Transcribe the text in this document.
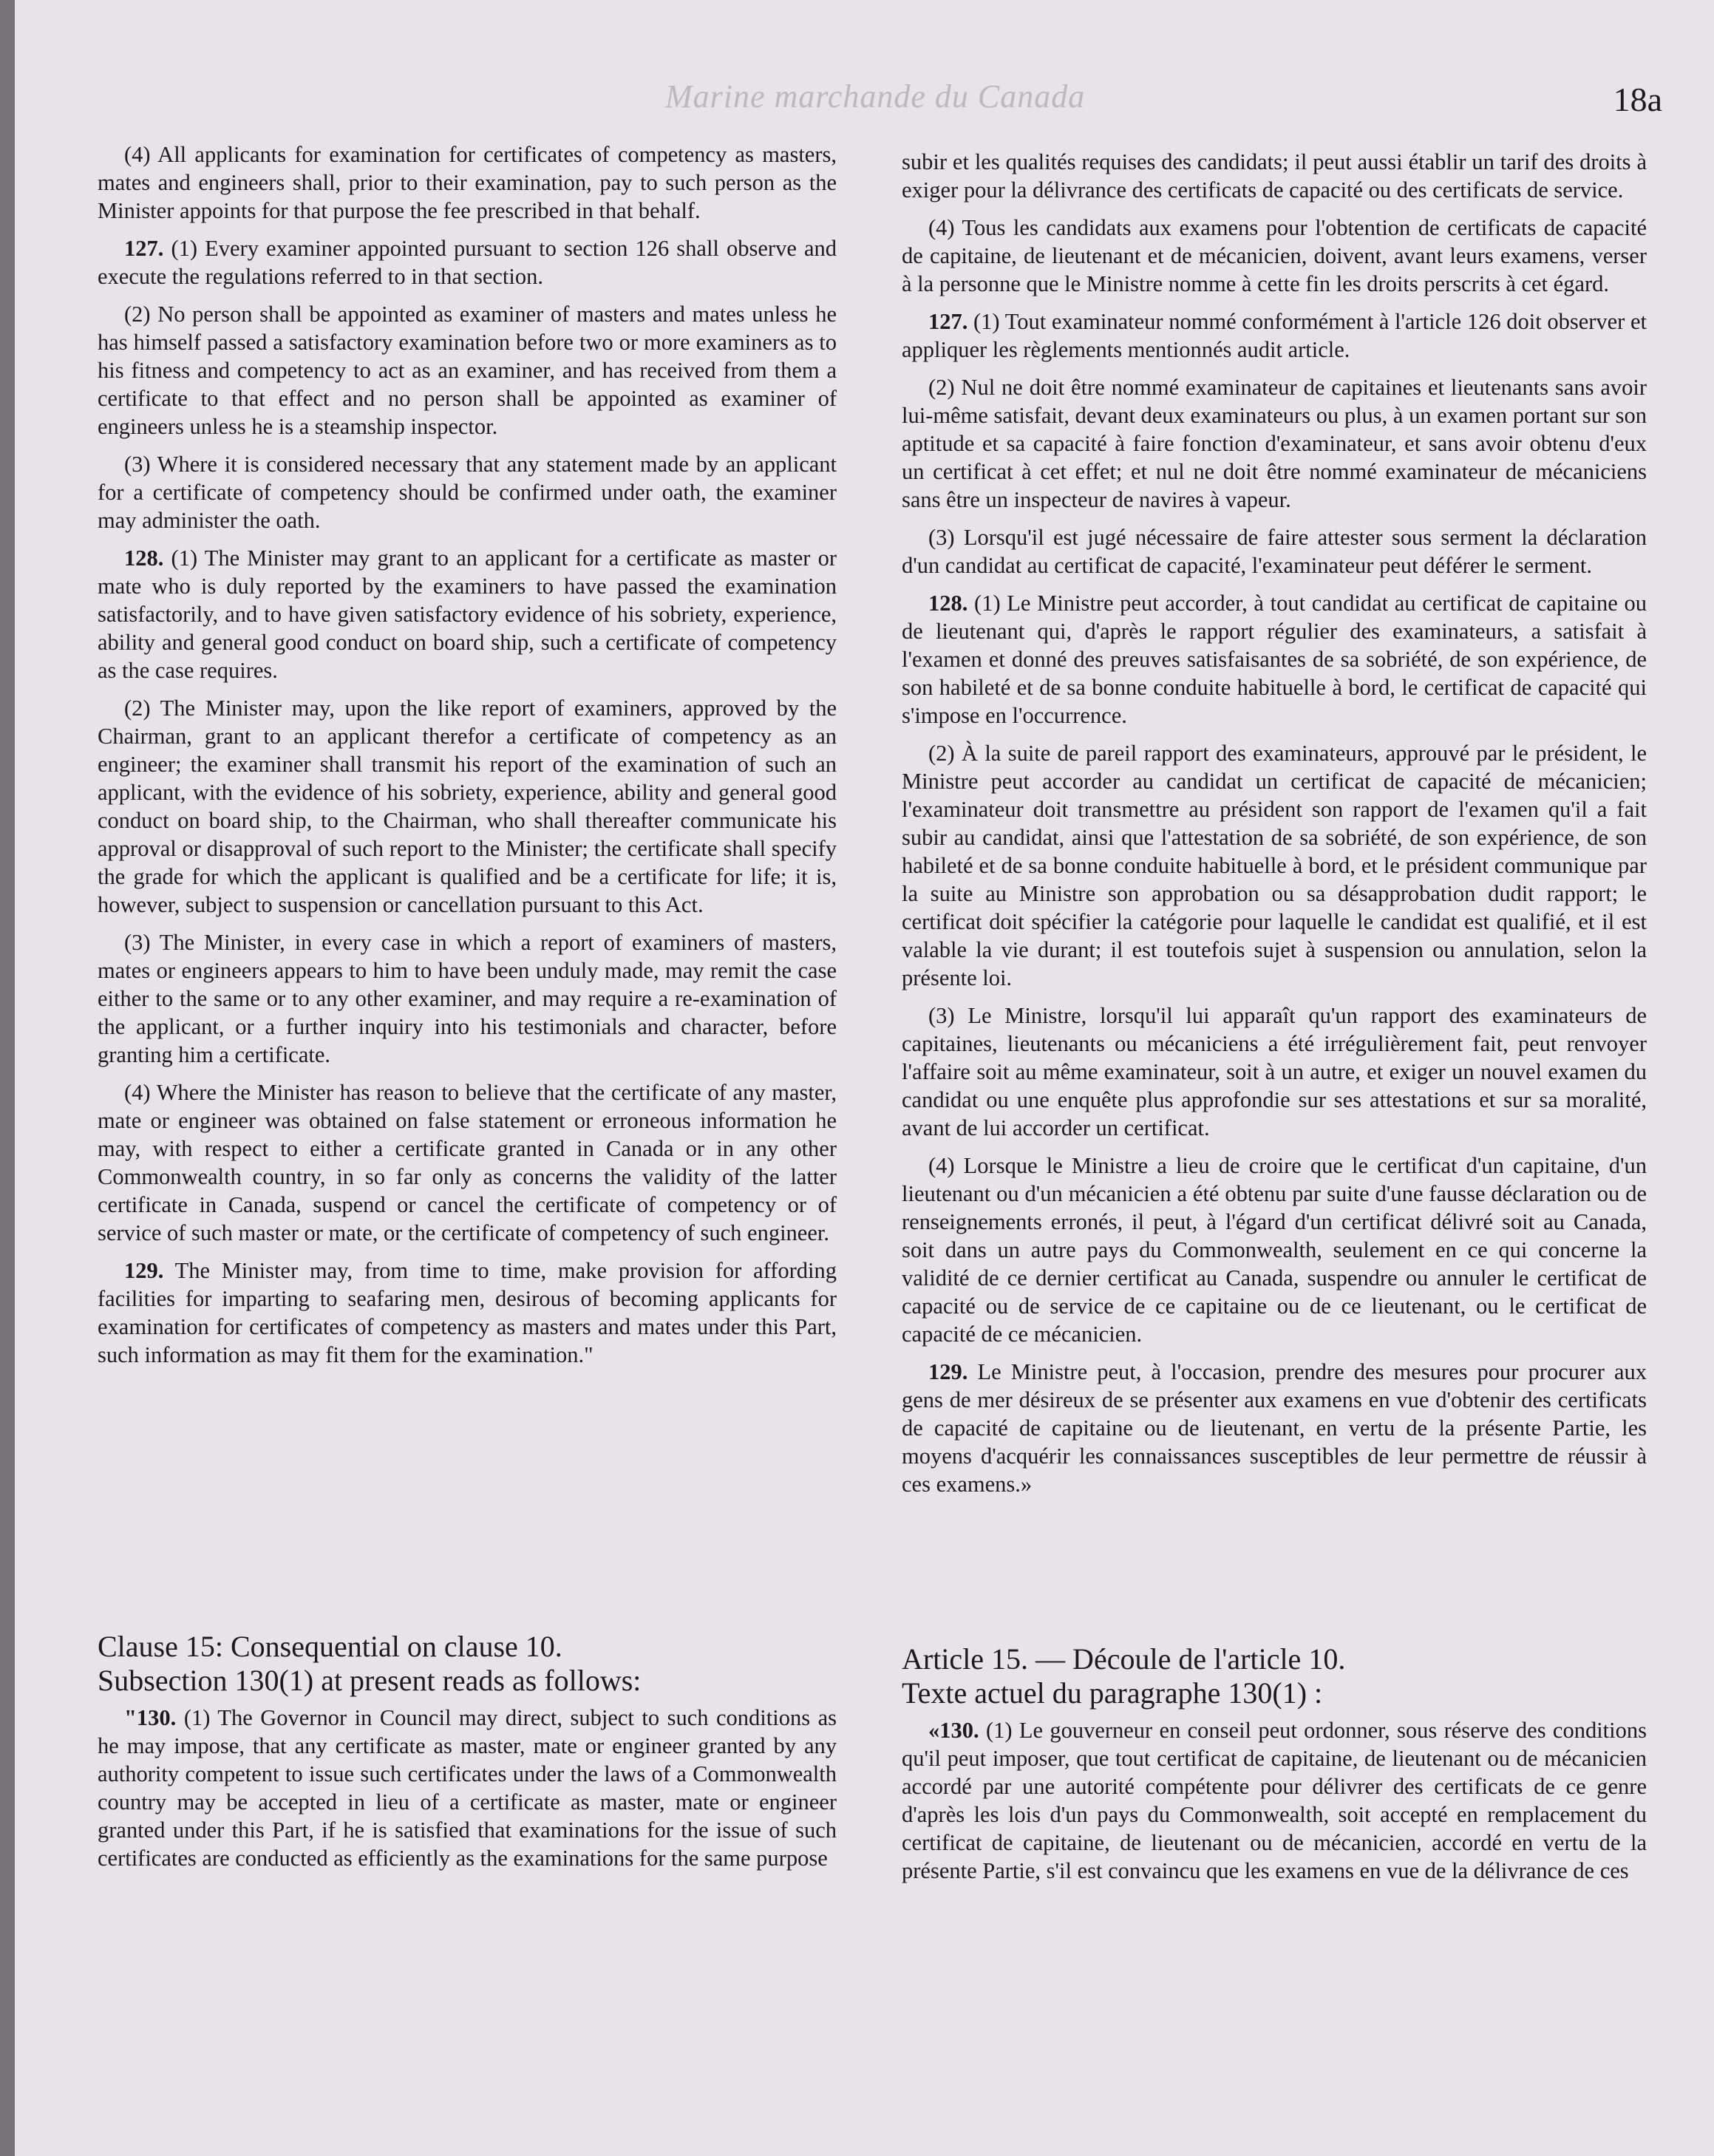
Marine marchande du Canada	18a

(4) All applicants for examination for certificates of competency as masters, mates and engineers shall, prior to their examination, pay to such person as the Minister appoints for that purpose the fee prescribed in that behalf.

127. (1) Every examiner appointed pursuant to section 126 shall observe and execute the regulations referred to in that section.

(2) No person shall be appointed as examiner of masters and mates unless he has himself passed a satisfactory examination before two or more examiners as to his fitness and competency to act as an examiner, and has received from them a certificate to that effect and no person shall be appointed as examiner of engineers unless he is a steamship inspector.

(3) Where it is considered necessary that any statement made by an applicant for a certificate of competency should be confirmed under oath, the examiner may administer the oath.

128. (1) The Minister may grant to an applicant for a certificate as master or mate who is duly reported by the examiners to have passed the examination satisfactorily, and to have given satisfactory evidence of his sobriety, experience, ability and general good conduct on board ship, such a certificate of competency as the case requires.

(2) The Minister may, upon the like report of examiners, approved by the Chairman, grant to an applicant therefor a certificate of competency as an engineer; the examiner shall transmit his report of the examination of such an applicant, with the evidence of his sobriety, experience, ability and general good conduct on board ship, to the Chairman, who shall thereafter communicate his approval or disapproval of such report to the Minister; the certificate shall specify the grade for which the applicant is qualified and be a certificate for life; it is, however, subject to suspension or cancellation pursuant to this Act.

(3) The Minister, in every case in which a report of examiners of masters, mates or engineers appears to him to have been unduly made, may remit the case either to the same or to any other examiner, and may require a re-examination of the applicant, or a further inquiry into his testimonials and character, before granting him a certificate.

(4) Where the Minister has reason to believe that the certificate of any master, mate or engineer was obtained on false statement or erroneous information he may, with respect to either a certificate granted in Canada or in any other Commonwealth country, in so far only as concerns the validity of the latter certificate in Canada, suspend or cancel the certificate of competency or of service of such master or mate, or the certificate of competency of such engineer.

129. The Minister may, from time to time, make provision for affording facilities for imparting to seafaring men, desirous of becoming applicants for examination for certificates of competency as masters and mates under this Part, such information as may fit them for the examination."

subir et les qualités requises des candidats; il peut aussi établir un tarif des droits à exiger pour la délivrance des certificats de capacité ou des certificats de service.

(4) Tous les candidats aux examens pour l'obtention de certificats de capacité de capitaine, de lieutenant et de mécanicien, doivent, avant leurs examens, verser à la personne que le Ministre nomme à cette fin les droits perscrits à cet égard.

127. (1) Tout examinateur nommé conformément à l'article 126 doit observer et appliquer les règlements mentionnés audit article.

(2) Nul ne doit être nommé examinateur de capitaines et lieutenants sans avoir lui-même satisfait, devant deux examinateurs ou plus, à un examen portant sur son aptitude et sa capacité à faire fonction d'examinateur, et sans avoir obtenu d'eux un certificat à cet effet; et nul ne doit être nommé examinateur de mécaniciens sans être un inspecteur de navires à vapeur.

(3) Lorsqu'il est jugé nécessaire de faire attester sous serment la déclaration d'un candidat au certificat de capacité, l'examinateur peut déférer le serment.

128. (1) Le Ministre peut accorder, à tout candidat au certificat de capitaine ou de lieutenant qui, d'après le rapport régulier des examinateurs, a satisfait à l'examen et donné des preuves satisfaisantes de sa sobriété, de son expérience, de son habileté et de sa bonne conduite habituelle à bord, le certificat de capacité qui s'impose en l'occurrence.

(2) À la suite de pareil rapport des examinateurs, approuvé par le président, le Ministre peut accorder au candidat un certificat de capacité de mécanicien; l'examinateur doit transmettre au président son rapport de l'examen qu'il a fait subir au candidat, ainsi que l'attestation de sa sobriété, de son expérience, de son habileté et de sa bonne conduite habituelle à bord, et le président communique par la suite au Ministre son approbation ou sa désapprobation dudit rapport; le certificat doit spécifier la catégorie pour laquelle le candidat est qualifié, et il est valable la vie durant; il est toutefois sujet à suspension ou annulation, selon la présente loi.

(3) Le Ministre, lorsqu'il lui apparaît qu'un rapport des examinateurs de capitaines, lieutenants ou mécaniciens a été irrégulièrement fait, peut renvoyer l'affaire soit au même examinateur, soit à un autre, et exiger un nouvel examen du candidat ou une enquête plus approfondie sur ses attestations et sur sa moralité, avant de lui accorder un certificat.

(4) Lorsque le Ministre a lieu de croire que le certificat d'un capitaine, d'un lieutenant ou d'un mécanicien a été obtenu par suite d'une fausse déclaration ou de renseignements erronés, il peut, à l'égard d'un certificat délivré soit au Canada, soit dans un autre pays du Commonwealth, seulement en ce qui concerne la validité de ce dernier certificat au Canada, suspendre ou annuler le certificat de capacité ou de service de ce capitaine ou de ce lieutenant, ou le certificat de capacité de ce mécanicien.

129. Le Ministre peut, à l'occasion, prendre des mesures pour procurer aux gens de mer désireux de se présenter aux examens en vue d'obtenir des certificats de capacité de capitaine ou de lieutenant, en vertu de la présente Partie, les moyens d'acquérir les connaissances susceptibles de leur permettre de réussir à ces examens.»

Clause 15: Consequential on clause 10.

Subsection 130(1) at present reads as follows:

"130. (1) The Governor in Council may direct, subject to such conditions as he may impose, that any certificate as master, mate or engineer granted by any authority competent to issue such certificates under the laws of a Commonwealth country may be accepted in lieu of a certificate as master, mate or engineer granted under this Part, if he is satisfied that examinations for the issue of such certificates are conducted as efficiently as the examinations for the same purpose

Article 15. — Découle de l'article 10.

Texte actuel du paragraphe 130(1) :

«130. (1) Le gouverneur en conseil peut ordonner, sous réserve des conditions qu'il peut imposer, que tout certificat de capitaine, de lieutenant ou de mécanicien accordé par une autorité compétente pour délivrer des certificats de ce genre d'après les lois d'un pays du Commonwealth, soit accepté en remplacement du certificat de capitaine, de lieutenant ou de mécanicien, accordé en vertu de la présente Partie, s'il est convaincu que les examens en vue de la délivrance de ces
